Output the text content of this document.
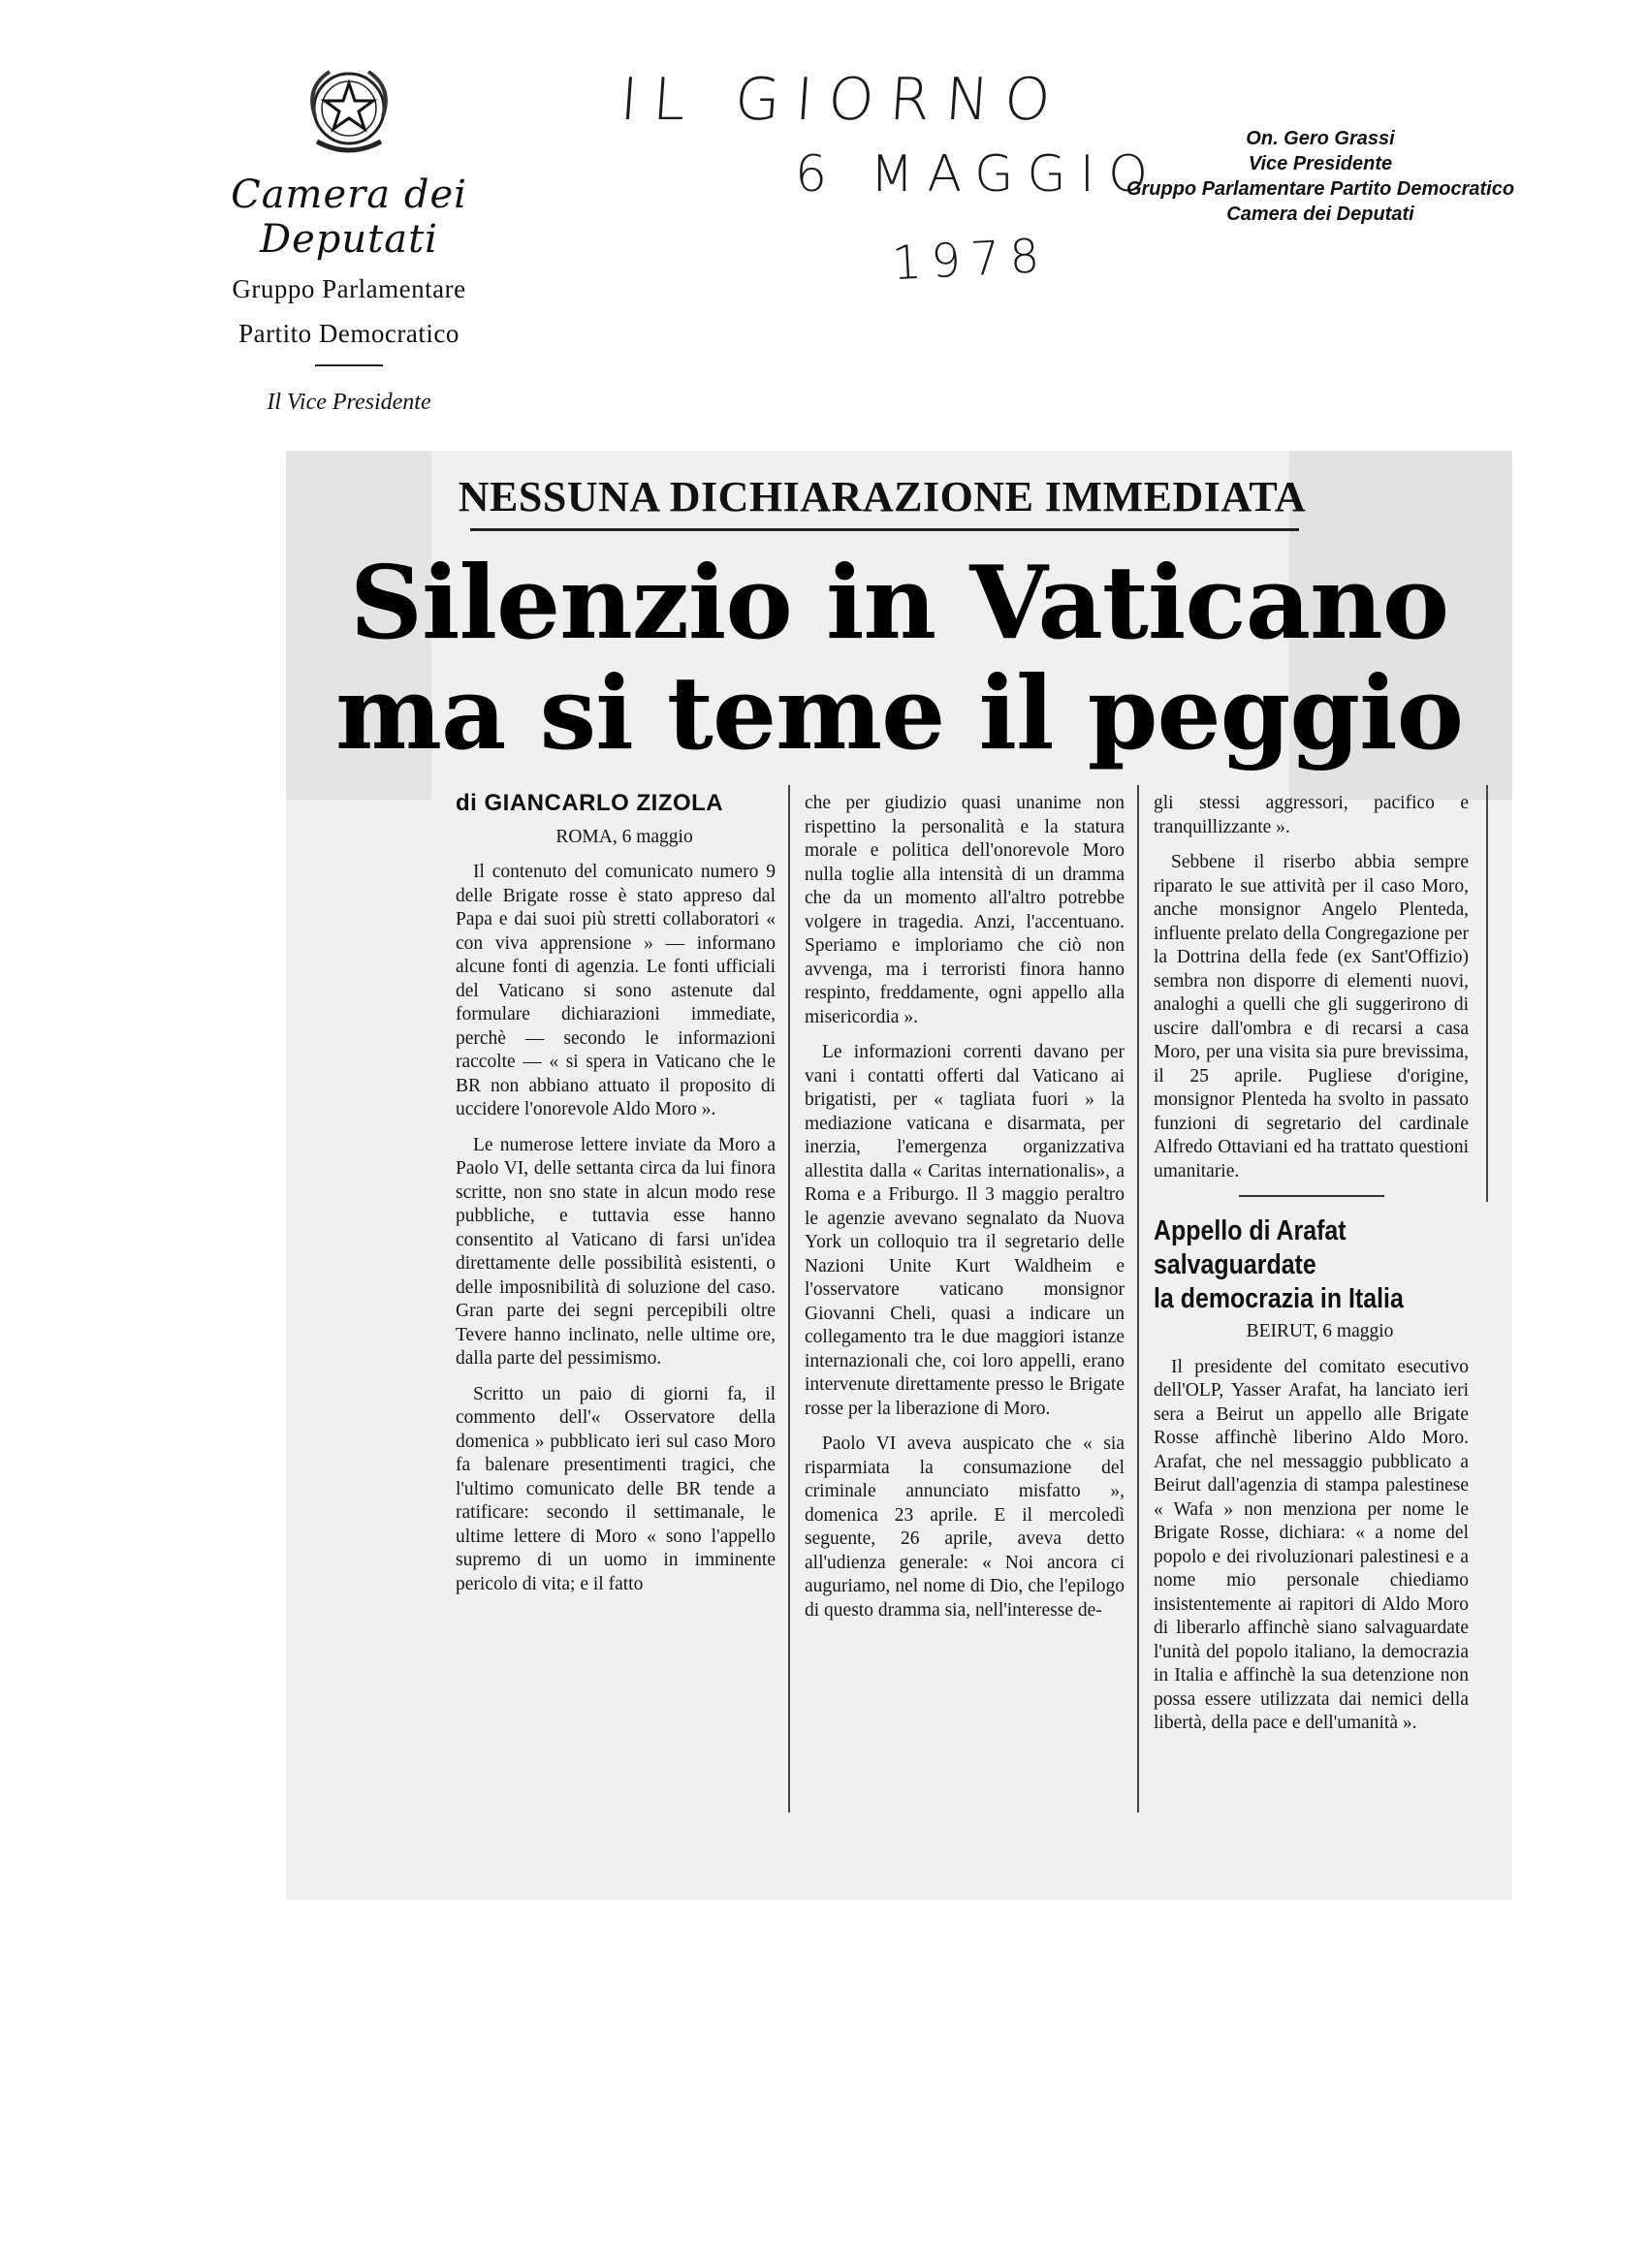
Camera dei Deputati
Gruppo Parlamentare
Partito Democratico
Il Vice Presidente
IL GIORNO
6 MAGGIO
1978
On. Gero Grassi
Vice Presidente
Gruppo Parlamentare Partito Democratico
Camera dei Deputati
NESSUNA DICHIARAZIONE IMMEDIATA
Silenzio in Vaticano
ma si teme il peggio
di GIANCARLO ZIZOLA

ROMA, 6 maggio

Il contenuto del comunicato numero 9 delle Brigate rosse è stato appreso dal Papa e dai suoi più stretti collaboratori « con viva apprensione » — informano alcune fonti di agenzia. Le fonti ufficiali del Vaticano si sono astenute dal formulare dichiarazioni immediate, perchè — secondo le informazioni raccolte — « si spera in Vaticano che le BR non abbiano attuato il proposito di uccidere l'onorevole Aldo Moro ».

Le numerose lettere inviate da Moro a Paolo VI, delle settanta circa da lui finora scritte, non sno state in alcun modo rese pubbliche, e tuttavia esse hanno consentito al Vaticano di farsi un'idea direttamente delle possibilità esistenti, o delle imposnibilità di soluzione del caso. Gran parte dei segni percepibili oltre Tevere hanno inclinato, nelle ultime ore, dalla parte del pessimismo.

Scritto un paio di giorni fa, il commento dell'« Osservatore della domenica » pubblicato ieri sul caso Moro fa balenare presentimenti tragici, che l'ultimo comunicato delle BR tende a ratificare: secondo il settimanale, le ultime lettere di Moro « sono l'appello supremo di un uomo in imminente pericolo di vita; e il fatto

che per giudizio quasi unanime non rispettino la personalità e la statura morale e politica dell'onorevole Moro nulla toglie alla intensità di un dramma che da un momento all'altro potrebbe volgere in tragedia. Anzi, l'accentuano. Speriamo e imploriamo che ciò non avvenga, ma i terroristi finora hanno respinto, freddamente, ogni appello alla misericordia ».

Le informazioni correnti davano per vani i contatti offerti dal Vaticano ai brigatisti, per « tagliata fuori » la mediazione vaticana e disarmata, per inerzia, l'emergenza organizzativa allestita dalla « Caritas internationalis», a Roma e a Friburgo. Il 3 maggio peraltro le agenzie avevano segnalato da Nuova York un colloquio tra il segretario delle Nazioni Unite Kurt Waldheim e l'osservatore vaticano monsignor Giovanni Cheli, quasi a indicare un collegamento tra le due maggiori istanze internazionali che, coi loro appelli, erano intervenute direttamente presso le Brigate rosse per la liberazione di Moro.

Paolo VI aveva auspicato che « sia risparmiata la consumazione del criminale annunciato misfatto », domenica 23 aprile. E il mercoledì seguente, 26 aprile, aveva detto all'udienza generale: « Noi ancora ci auguriamo, nel nome di Dio, che l'epilogo di questo dramma sia, nell'interesse de-

gli stessi aggressori, pacifico e tranquillizzante ».

Sebbene il riserbo abbia sempre riparato le sue attività per il caso Moro, anche monsignor Angelo Plenteda, influente prelato della Congregazione per la Dottrina della fede (ex Sant'Offizio) sembra non disporre di elementi nuovi, analoghi a quelli che gli suggerirono di uscire dall'ombra e di recarsi a casa Moro, per una visita sia pure brevissima, il 25 aprile. Pugliese d'origine, monsignor Plenteda ha svolto in passato funzioni di segretario del cardinale Alfredo Ottaviani ed ha trattato questioni umanitarie.

Appello di Arafat
salvaguardate
la democrazia in Italia

BEIRUT, 6 maggio

Il presidente del comitato esecutivo dell'OLP, Yasser Arafat, ha lanciato ieri sera a Beirut un appello alle Brigate Rosse affinchè liberino Aldo Moro. Arafat, che nel messaggio pubblicato a Beirut dall'agenzia di stampa palestinese « Wafa » non menziona per nome le Brigate Rosse, dichiara: « a nome del popolo e dei rivoluzionari palestinesi e a nome mio personale chiediamo insistentemente ai rapitori di Aldo Moro di liberarlo affinchè siano salvaguardate l'unità del popolo italiano, la democrazia in Italia e affinchè la sua detenzione non possa essere utilizzata dai nemici della libertà, della pace e dell'umanità ».
